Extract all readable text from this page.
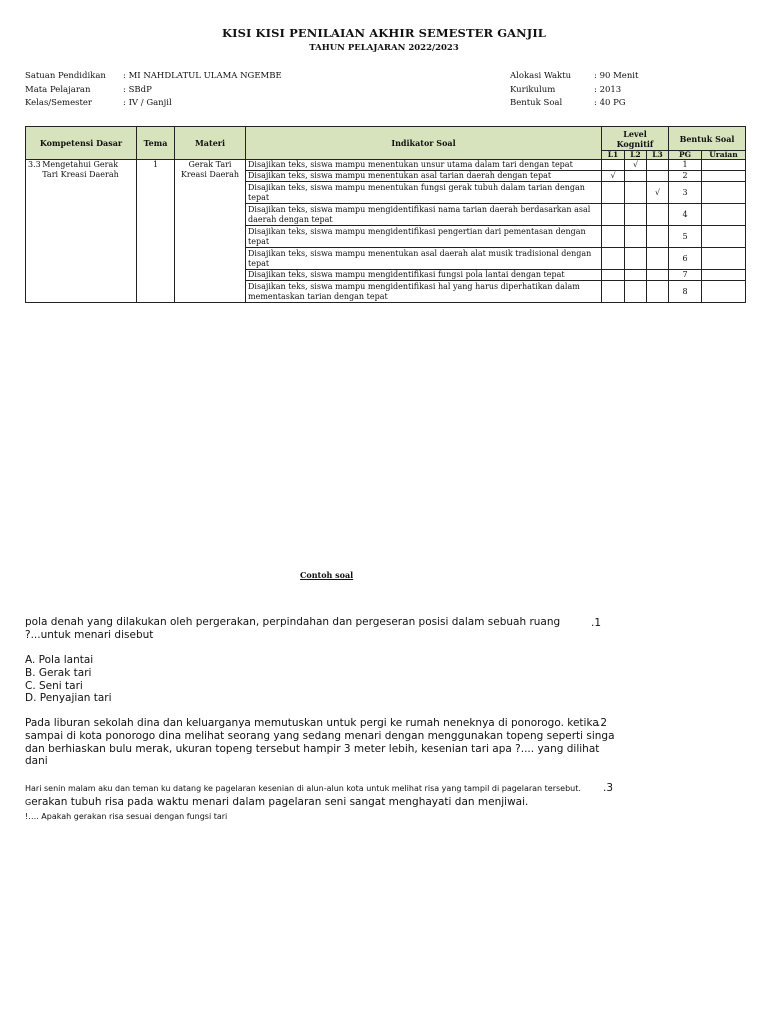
KISI KISI PENILAIAN AKHIR SEMESTER GANJIL
TAHUN PELAJARAN 2022/2023
Satuan Pendidikan	: MI NAHDLATUL ULAMA NGEMBE
Mata Pelajaran	: SBdP
Kelas/Semester	: IV / Ganjil
Alokasi Waktu	: 90 Menit
Kurikulum	: 2013
Bentuk Soal	: 40 PG
Kompetensi Dasar	Tema	Materi	Indikator Soal	Level Kognitif			Bentuk Soal	
				L1	L2	L3	PG	Uraian

3.3 Mengetahui Gerak Tari Kreasi Daerah	1	Gerak Tari Kreasi Daerah	Disajikan teks, siswa mampu menentukan unsur utama dalam tari dengan tepat		√		1	
			Disajikan teks, siswa mampu menentukan asal tarian daerah dengan tepat	√			2	
			Disajikan teks, siswa mampu menentukan fungsi gerak tubuh dalam tarian dengan tepat			√	3	
			Disajikan teks, siswa mampu mengidentifikasi nama tarian daerah berdasarkan asal daerah dengan tepat				4	
			Disajikan teks, siswa mampu mengidentifikasi pengertian dari pementasan dengan tepat				5	
			Disajikan teks, siswa mampu menentukan asal daerah alat musik tradisional dengan tepat				6	
			Disajikan teks, siswa mampu mengidentifikasi fungsi pola lantai dengan tepat				7	
			Disajikan teks, siswa mampu mengidentifikasi hal yang harus diperhatikan dalam mementaskan tarian dengan tepat				8	
Contoh soal
pola denah yang dilakukan oleh pergerakan, perpindahan dan pergeseran posisi dalam sebuah ruang ?...untuk menari disebut
.1
A. Pola lantai
B. Gerak tari
C. Seni tari
D. Penyajian tari
Pada liburan sekolah dina dan keluarganya memutuskan untuk pergi ke rumah neneknya di ponorogo. ketika sampai di kota ponorogo dina melihat seorang yang sedang menari dengan menggunakan topeng seperti singa dan berhiaskan bulu merak, ukuran topeng tersebut hampir 3 meter lebih, kesenian tari apa ?.... yang dilihat dani
.2
Hari senin malam aku dan teman ku datang ke pagelaran kesenian di alun-alun kota untuk melihat risa yang tampil di pagelaran tersebut. Gerakan tubuh risa pada waktu menari dalam pagelaran seni sangat menghayati dan menjiwai.
!…. Apakah gerakan risa sesuai dengan fungsi tari
.3
